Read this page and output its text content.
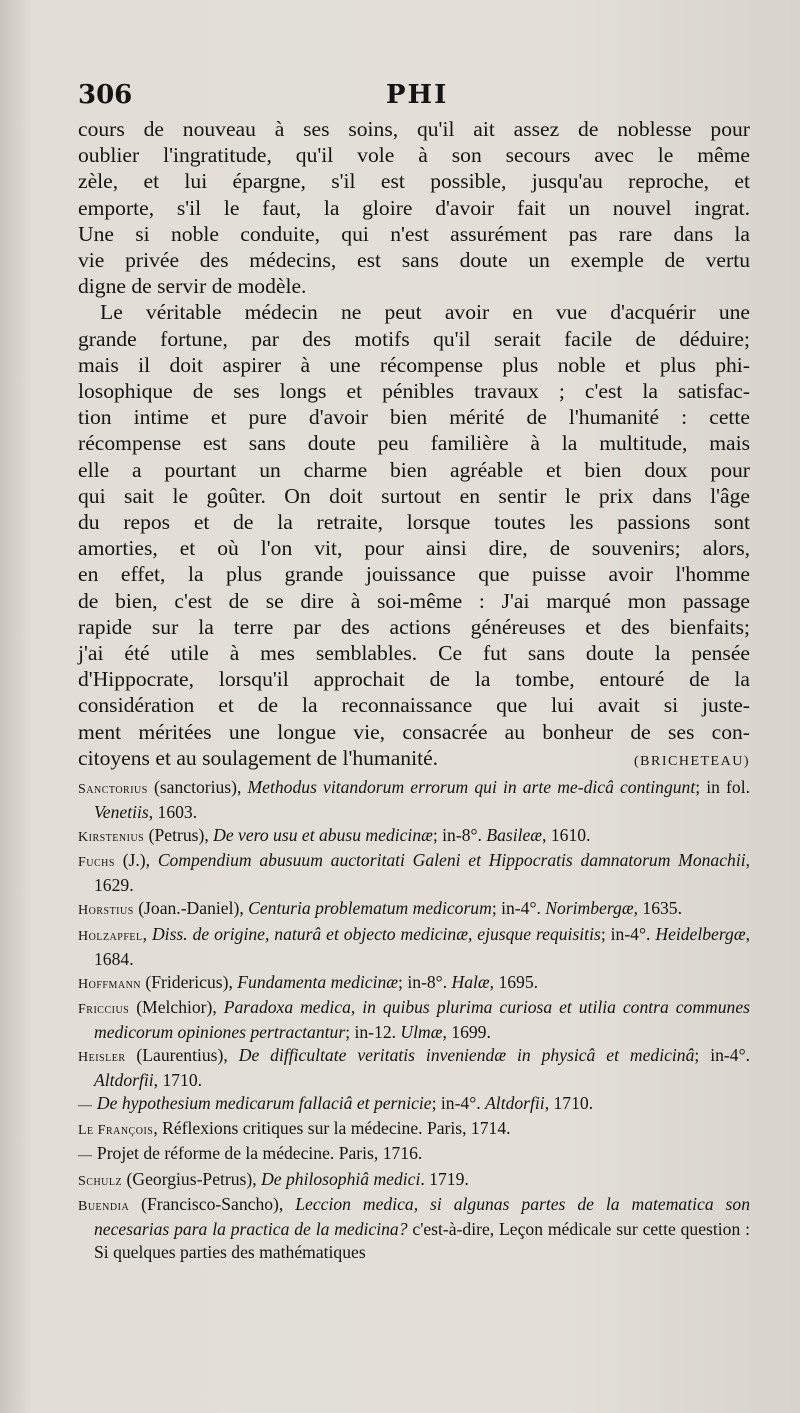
306	PHI

cours de nouveau à ses soins, qu'il ait assez de noblesse pour

oublier l'ingratitude, qu'il vole à son secours avec le même

zèle, et lui épargne, s'il est possible, jusqu'au reproche, et

emporte, s'il le faut, la gloire d'avoir fait un nouvel ingrat.

Une si noble conduite, qui n'est assurément pas rare dans la

vie privée des médecins, est sans doute un exemple de vertu

digne de servir de modèle.

Le véritable médecin ne peut avoir en vue d'acquérir une

grande fortune, par des motifs qu'il serait facile de déduire;

mais il doit aspirer à une récompense plus noble et plus phi-

losophique de ses longs et pénibles travaux ; c'est la satisfac-

tion intime et pure d'avoir bien mérité de l'humanité : cette

récompense est sans doute peu familière à la multitude, mais

elle a pourtant un charme bien agréable et bien doux pour

qui sait le goûter. On doit surtout en sentir le prix dans l'âge

du repos et de la retraite, lorsque toutes les passions sont

amorties, et où l'on vit, pour ainsi dire, de souvenirs; alors,

en effet, la plus grande jouissance que puisse avoir l'homme

de bien, c'est de se dire à soi-même : J'ai marqué mon passage

rapide sur la terre par des actions généreuses et des bienfaits;

j'ai été utile à mes semblables. Ce fut sans doute la pensée

d'Hippocrate, lorsqu'il approchait de la tombe, entouré de la

considération et de la reconnaissance que lui avait si juste-

ment méritées une longue vie, consacrée au bonheur de ses con-

citoyens et au soulagement de l'humanité.	(BRICHETEAU)

Sanctorius (sanctorius), Methodus vitandorum errorum qui in arte me-dicâ contingunt; in fol. Venetiis, 1603.
Kirstenius (Petrus), De vero usu et abusu medicinæ; in-8°. Basileæ, 1610.
Fuchs (J.), Compendium abusuum auctoritati Galeni et Hippocratis damnatorum Monachii, 1629.
Horstius (Joan.-Daniel), Centuria problematum medicorum; in-4°. Norimbergæ, 1635.
Holzapfel, Diss. de origine, naturâ et objecto medicinæ, ejusque requisitis; in-4°. Heidelbergæ, 1684.
Hoffmann (Fridericus), Fundamenta medicinæ; in-8°. Halæ, 1695.
Friccius (Melchior), Paradoxa medica, in quibus plurima curiosa et utilia contra communes medicorum opiniones pertractantur; in-12. Ulmæ, 1699.
Heisler (Laurentius), De difficultate veritatis inveniendæ in physicâ et medicinâ; in-4°. Altdorfii, 1710.
— De hypothesium medicarum fallaciâ et pernicie; in-4°. Altdorfii, 1710.
Le François, Réflexions critiques sur la médecine. Paris, 1714.
— Projet de réforme de la médecine. Paris, 1716.
Schulz (Georgius-Petrus), De philosophiâ medici. 1719.
Buendia (Francisco-Sancho), Leccion medica, si algunas partes de la matematica son necesarias para la practica de la medicina? c'est-à-dire, Leçon médicale sur cette question : Si quelques parties des mathématiques
